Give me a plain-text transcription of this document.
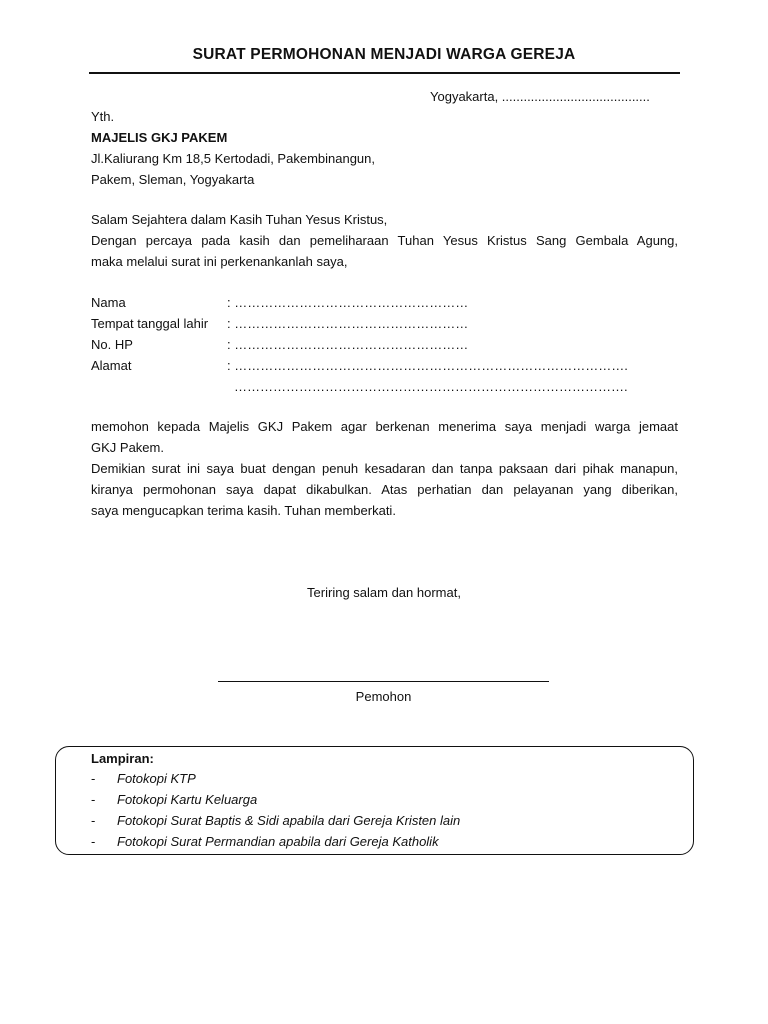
SURAT PERMOHONAN MENJADI WARGA GEREJA
Yogyakarta, .........................................
Yth.
MAJELIS GKJ PAKEM
Jl.Kaliurang Km 18,5 Kertodadi, Pakembinangun,
Pakem, Sleman, Yogyakarta
Salam Sejahtera dalam Kasih Tuhan Yesus Kristus,
Dengan percaya pada kasih dan pemeliharaan Tuhan Yesus Kristus Sang Gembala Agung,
maka melalui surat ini perkenankanlah saya,
Nama	: ………………………………………………
Tempat tanggal lahir : ………………………………………………
No. HP	: ………………………………………………
Alamat	: ……………………………………………………………………………….
……………………………………………………………………………….
memohon kepada Majelis GKJ Pakem agar berkenan menerima saya menjadi warga jemaat
GKJ Pakem.
Demikian surat ini saya buat dengan penuh kesadaran dan tanpa paksaan dari pihak manapun,
kiranya permohonan saya dapat dikabulkan. Atas perhatian dan pelayanan yang diberikan,
saya mengucapkan terima kasih. Tuhan memberkati.
Teriring salam dan hormat,
Pemohon
Lampiran:
- Fotokopi KTP
- Fotokopi Kartu Keluarga
- Fotokopi Surat Baptis & Sidi apabila dari Gereja Kristen lain
- Fotokopi Surat Permandian apabila dari Gereja Katholik
